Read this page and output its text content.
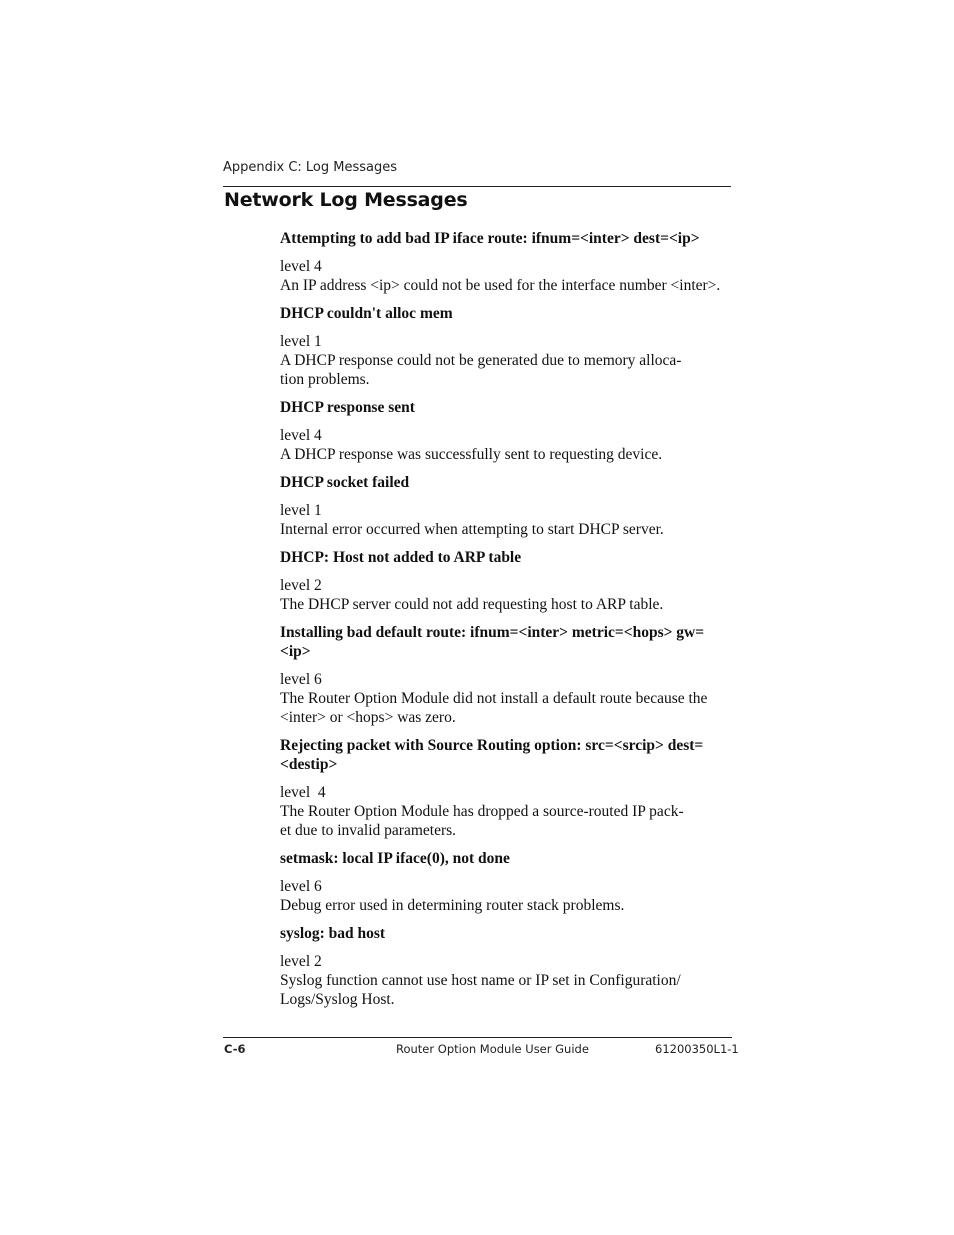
Appendix C: Log Messages
Network Log Messages

Attempting to add bad IP iface route: ifnum=<inter> dest=<ip>

level 4

An IP address <ip> could not be used for the interface number <inter>.

DHCP couldn't alloc mem

level 1

A DHCP response could not be generated due to memory alloca-
tion problems.

DHCP response sent

level 4

A DHCP response was successfully sent to requesting device.

DHCP socket failed

level 1

Internal error occurred when attempting to start DHCP server.

DHCP: Host not added to ARP table

level 2

The DHCP server could not add requesting host to ARP table.

Installing bad default route: ifnum=<inter> metric=<hops> gw=<ip>

level 6

The Router Option Module did not install a default route because the <inter> or <hops> was zero.

Rejecting packet with Source Routing option: src=<srcip> dest=<destip>

level  4

The Router Option Module has dropped a source-routed IP pack-
et due to invalid parameters.

setmask: local IP iface(0), not done

level 6

Debug error used in determining router stack problems.

syslog: bad host

level 2

Syslog function cannot use host name or IP set in Configuration/
Logs/Syslog Host.

C-6	Router Option Module User Guide	61200350L1-1
